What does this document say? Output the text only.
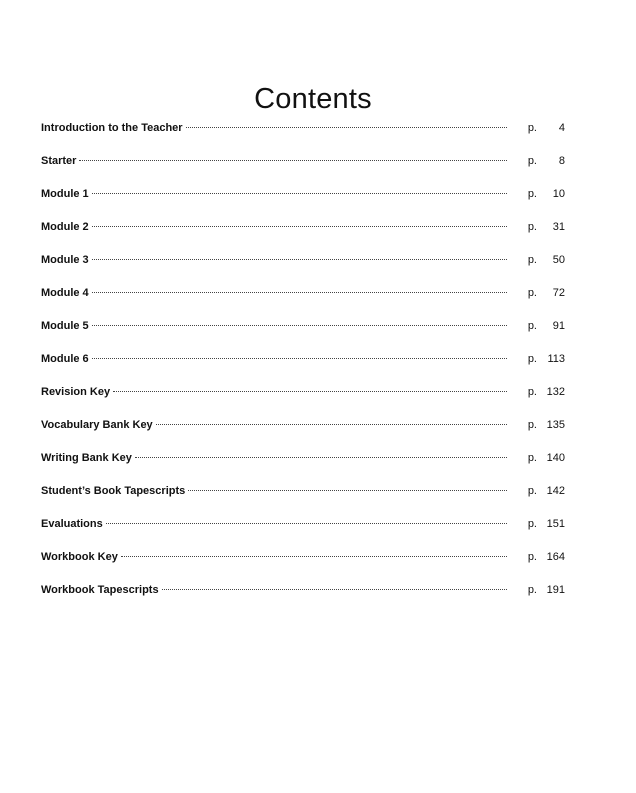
Contents
Introduction to the Teacher	p.	4
Starter	p.	8
Module 1	p.	10
Module 2	p.	31
Module 3	p.	50
Module 4	p.	72
Module 5	p.	91
Module 6	p. 113
Revision Key	p. 132
Vocabulary Bank Key	p. 135
Writing Bank Key	p. 140
Student’s Book Tapescripts	p. 142
Evaluations	p. 151
Workbook Key	p. 164
Workbook Tapescripts	p. 191
